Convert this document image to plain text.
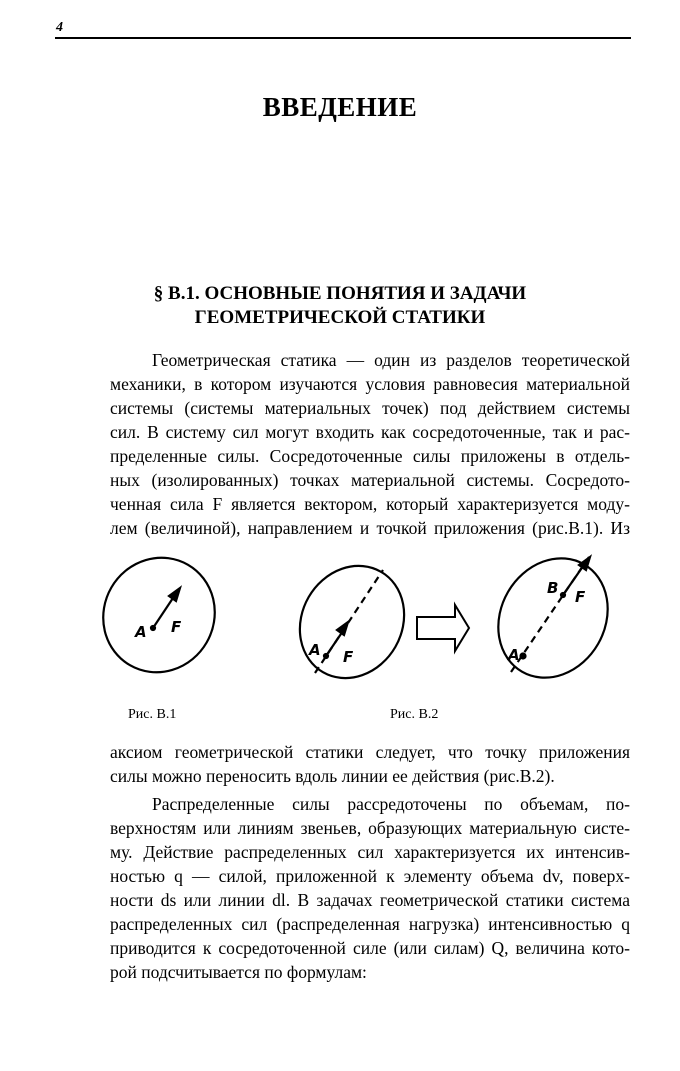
4
ВВЕДЕНИЕ
§ В.1. ОСНОВНЫЕ ПОНЯТИЯ И ЗАДАЧИ
ГЕОМЕТРИЧЕСКОЙ СТАТИКИ
Геометрическая статика — один из разделов теоретической
механики, в котором изучаются условия равновесия материальной
системы (системы материальных точек) под действием системы
сил. В систему сил могут входить как сосредоточенные, так и рас-
пределенные силы. Сосредоточенные силы приложены в отдель-
ных (изолированных) точках материальной системы. Сосредото-
ченная сила F является вектором, который характеризуется моду-
лем (величиной), направлением и точкой приложения (рис.В.1). Из
A F
A F
B F
A
Рис. В.1	Рис. В.2
аксиом геометрической статики следует, что точку приложения
силы можно переносить вдоль линии ее действия (рис.В.2).
Распределенные силы рассредоточены по объемам, по-
верхностям или линиям звеньев, образующих материальную систе-
му. Действие распределенных сил характеризуется их интенсив-
ностью q — силой, приложенной к элементу объема dv, поверх-
ности ds или линии dl. В задачах геометрической статики система
распределенных сил (распределенная нагрузка) интенсивностью q
приводится к сосредоточенной силе (или силам) Q, величина кото-
рой подсчитывается по формулам:
